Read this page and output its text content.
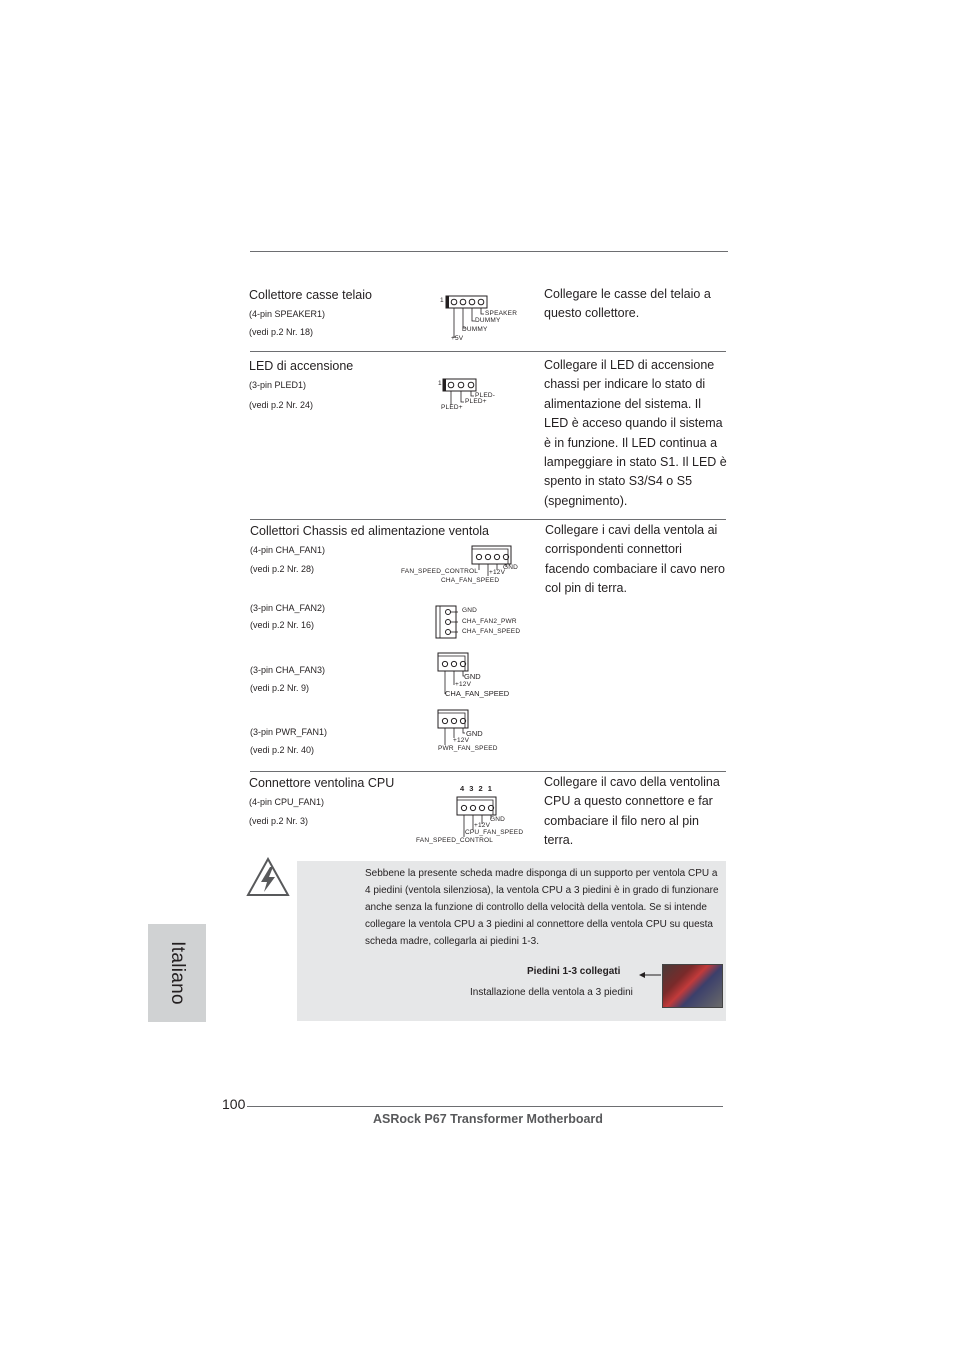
Collettore casse telaio
(4-pin SPEAKER1)
(vedi p.2 Nr. 18)
Collegare le casse del telaio a questo collettore.
1
SPEAKER
DUMMY
DUMMY
+5V
LED di accensione
(3-pin PLED1)
(vedi p.2 Nr. 24)
Collegare il LED di accensione chassi per indicare lo stato di alimentazione del sistema. Il LED è acceso quando il sistema è in funzione. Il LED continua a lampeggiare in stato S1. Il LED è spento in stato S3/S4 o S5 (spegnimento).
1
PLED-
PLED+
PLED+
Collettori Chassis ed alimentazione ventola	Collegare i cavi della ventola ai corrispondenti connettori facendo combaciare il cavo nero col pin di terra.
(4-pin CHA_FAN1)
(vedi p.2 Nr. 28)	GND
+12V
FAN_SPEED_CONTROL
CHA_FAN_SPEED
(3-pin CHA_FAN2)
(vedi p.2 Nr. 16)
GND
CHA_FAN2_PWR
CHA_FAN_SPEED
(3-pin CHA_FAN3)
(vedi p.2 Nr. 9)
GND
+12V
CHA_FAN_SPEED
(3-pin PWR_FAN1)
(vedi p.2 Nr. 40)
GND
+12V
PWR_FAN_SPEED
Connettore ventolina CPU
(4-pin CPU_FAN1)
(vedi p.2 Nr. 3)
Collegare il cavo della ventolina CPU a questo connettore e far combaciare il filo nero al pin terra.
4 3 2 1
GND
+12V
CPU_FAN_SPEED
FAN_SPEED_CONTROL
Sebbene la presente scheda madre disponga di un supporto per ventola CPU a 4 piedini (ventola silenziosa), la ventola CPU a 3 piedini è in grado di funzionare anche senza la funzione di controllo della velocità della ventola. Se si intende collegare la ventola CPU a 3 piedini al connettore della ventola CPU su questa scheda madre, collegarla ai piedini 1-3.
Piedini 1-3 collegati
Installazione della ventola a 3 piedini
Italiano
100
ASRock P67 Transformer Motherboard
